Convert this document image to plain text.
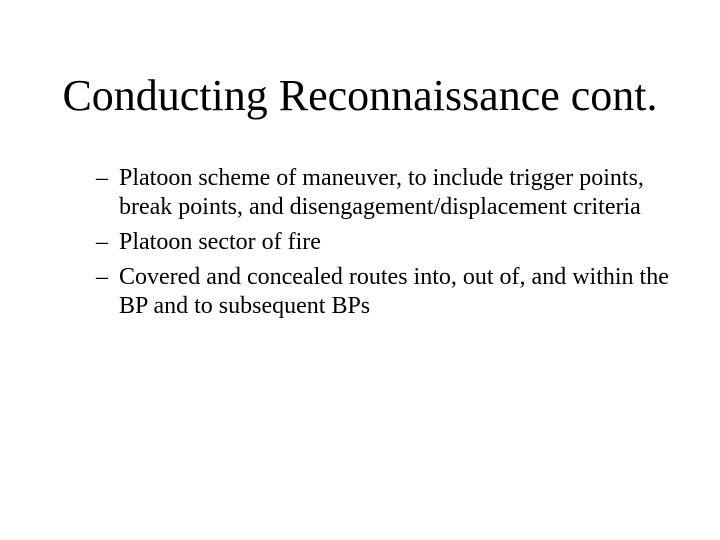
Conducting Reconnaissance cont.
– Platoon scheme of maneuver, to include trigger points, break points, and disengagement/displacement criteria
– Platoon sector of fire
– Covered and concealed routes into, out of, and within the BP and to subsequent BPs
